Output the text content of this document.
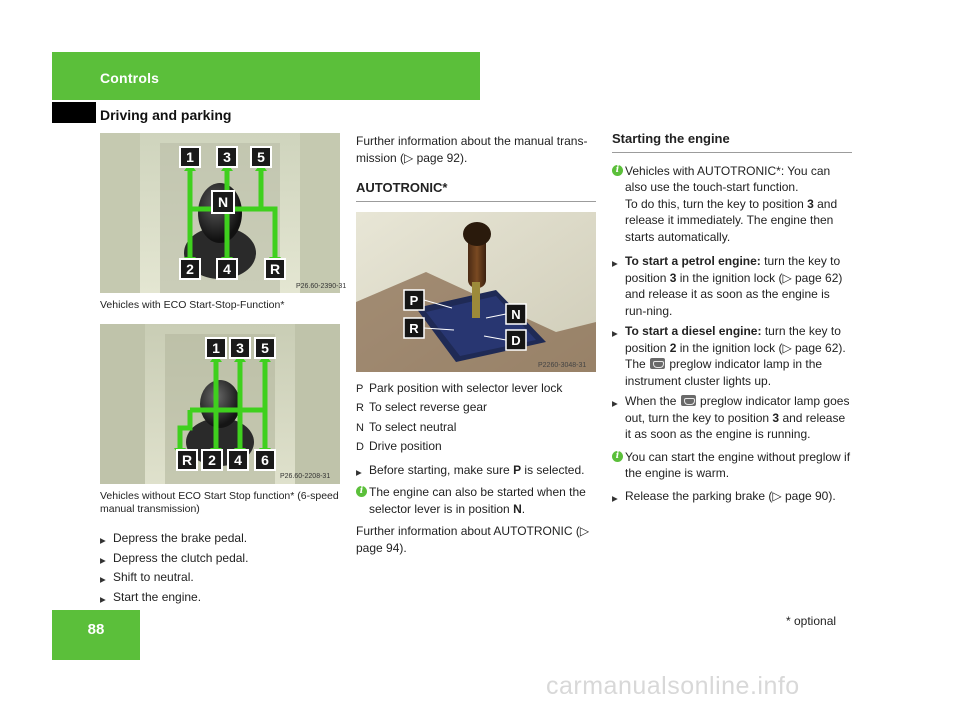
Controls
Driving and parking
1 3 5
N
2 4	R
P26.60-2390-31
Vehicles with ECO Start-Stop-Function*
1 3 5
R 2 4 6
P26.60-2208-31
Vehicles without ECO Start Stop function* (6-speed manual transmission)
▶ Depress the brake pedal.
▶ Depress the clutch pedal.
▶ Shift to neutral.
▶ Start the engine.
Further information about the manual trans-mission (▷ page 92).
AUTOTRONIC*
P
R
N
D
P2260-3048-31
P Park position with selector lever lock
R To select reverse gear
N To select neutral
D Drive position
▶ Before starting, make sure P is selected.
i The engine can also be started when the selector lever is in position N.
Further information about AUTOTRONIC (▷ page 94).
Starting the engine
i Vehicles with AUTOTRONIC*: You can also use the touch-start function.
To do this, turn the key to position 3 and release it immediately. The engine then starts automatically.
▶ To start a petrol engine: turn the key to position 3 in the ignition lock (▷ page 62) and release it as soon as the engine is run-ning.
▶ To start a diesel engine: turn the key to position 2 in the ignition lock (▷ page 62). The  preglow indicator lamp in the instrument cluster lights up.
▶ When the  preglow indicator lamp goes out, turn the key to position 3 and release it as soon as the engine is running.
i You can start the engine without preglow if the engine is warm.
▶ Release the parking brake (▷ page 90).
88	* optional
carmanualsonline.info
